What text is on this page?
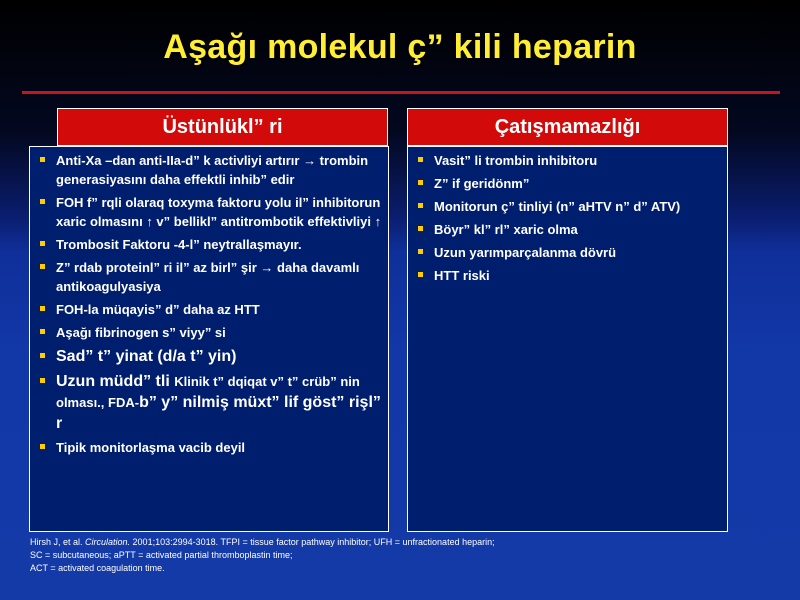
Aşağı molekul ç” kili heparin
Üstünlükl” ri	Çatışmamazlığı
Anti-Xa –dan anti-IIa-d” k activliyi artırır → trombin generasiyasını daha effektli inhib” edir
FOH f” rqli olaraq toxyma faktoru yolu il” inhibitorun xaric olmasını ↑ v” bellikl” antitrombotik effektivliyi ↑
Trombosit Faktoru -4-l” neytrallaşmayır.
Z” rdab proteinl” ri il” az birl” şir → daha davamlı antikoagulyasiya
FOH-la müqayis” d” daha az HTT
Aşağı fibrinogen s” viyy” si
Sad” t” yinat (d/a t” yin)
Uzun müdd” tli Klinik t” dqiqat v” t” crüb” nin olması., FDA-b” y” nilmiş müxt” lif göst” rişl” r
Tipik monitorlaşma vacib deyil
Vasit” li trombin inhibitoru
Z” if geridönm”
Monitorun ç” tinliyi (n” aHTV n” d” ATV)
Böyr” kl” rl” xaric olma
Uzun yarımparçalanma dövrü
HTT riski
Hirsh J, et al. Circulation. 2001;103:2994-3018. TFPI = tissue factor pathway inhibitor; UFH = unfractionated heparin;
SC = subcutaneous; aPTT = activated partial thromboplastin time;
ACT = activated coagulation time.
